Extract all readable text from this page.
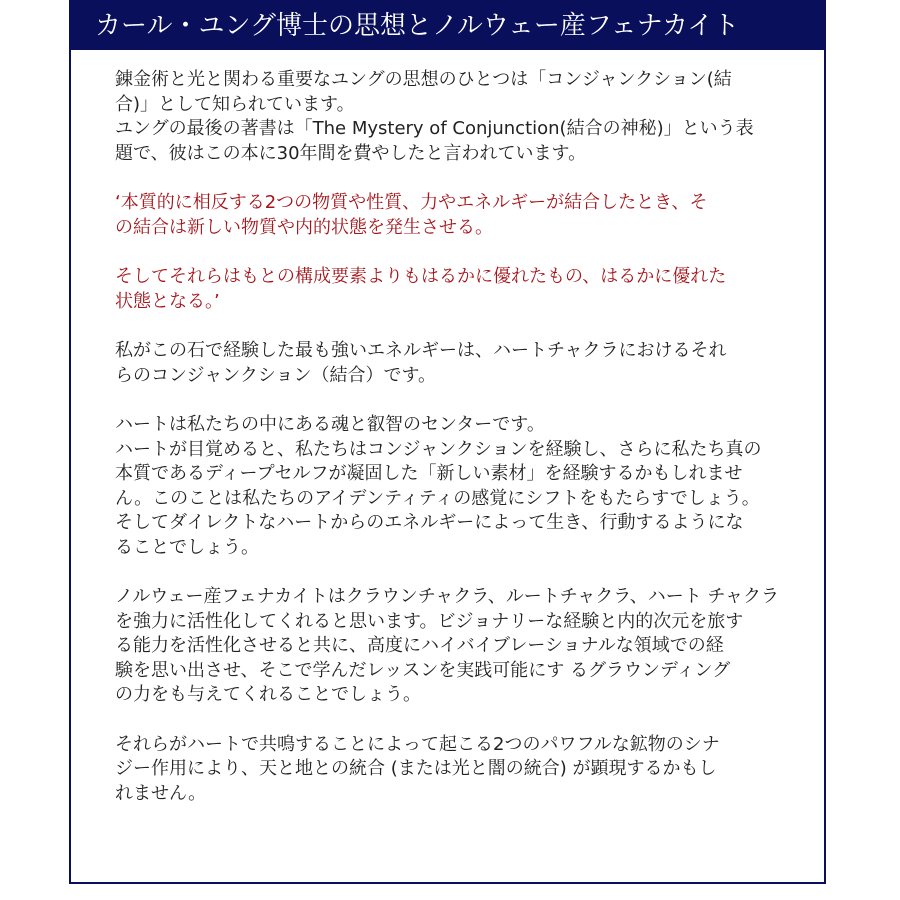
カール・ユング博士の思想とノルウェー産フェナカイト

錬金術と光と関わる重要なユングの思想のひとつは「コンジャンクション(結
合)」として知られています。
ユングの最後の著書は「The Mystery of Conjunction(結合の神秘)」という表
題で、彼はこの本に30年間を費やしたと言われています。

‘本質的に相反する2つの物質や性質、力やエネルギーが結合したとき、そ
の結合は新しい物質や内的状態を発生させる。

そしてそれらはもとの構成要素よりもはるかに優れたもの、はるかに優れた
状態となる。’

私がこの石で経験した最も強いエネルギーは、ハートチャクラにおけるそれ
らのコンジャンクション（結合）です。

ハートは私たちの中にある魂と叡智のセンターです。
ハートが目覚めると、私たちはコンジャンクションを経験し、さらに私たち真の
本質であるディープセルフが凝固した「新しい素材」を経験するかもしれませ
ん。このことは私たちのアイデンティティの感覚にシフトをもたらすでしょう。
そしてダイレクトなハートからのエネルギーによって生き、行動するようにな
ることでしょう。

ノルウェー産フェナカイトはクラウンチャクラ、ルートチャクラ、ハート チャクラ
を強力に活性化してくれると思います。ビジョナリーな経験と内的次元を旅す
る能力を活性化させると共に、高度にハイバイブレーショナルな領域での経
験を思い出させ、そこで学んだレッスンを実践可能にす るグラウンディング
の力をも与えてくれることでしょう。

それらがハートで共鳴することによって起こる2つのパワフルな鉱物のシナ
ジー作用により、天と地との統合 (または光と闇の統合) が顕現するかもし
れません。
